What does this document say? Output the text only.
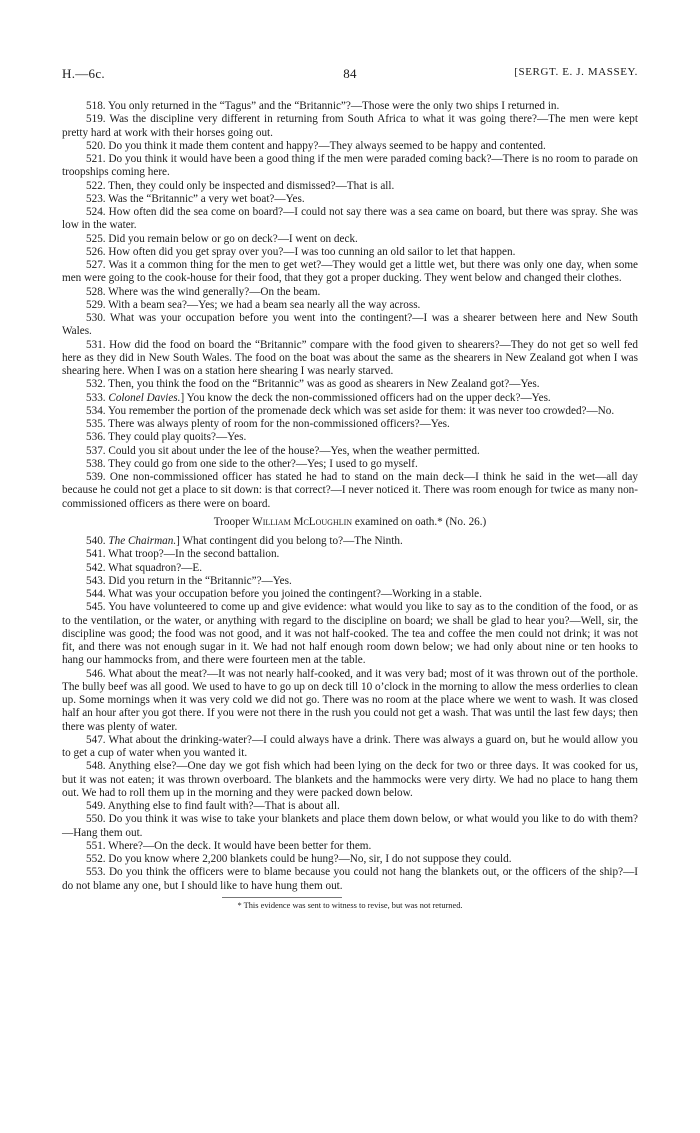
H.—6c.	84	[SERGT. E. J. MASSEY.

518. You only returned in the “Tagus” and the “Britannic”?—Those were the only two ships I returned in.

519. Was the discipline very different in returning from South Africa to what it was going there?—The men were kept pretty hard at work with their horses going out.

520. Do you think it made them content and happy?—They always seemed to be happy and contented.

521. Do you think it would have been a good thing if the men were paraded coming back?—There is no room to parade on troopships coming here.

522. Then, they could only be inspected and dismissed?—That is all.

523. Was the “Britannic” a very wet boat?—Yes.

524. How often did the sea come on board?—I could not say there was a sea came on board, but there was spray. She was low in the water.

525. Did you remain below or go on deck?—I went on deck.

526. How often did you get spray over you?—I was too cunning an old sailor to let that happen.

527. Was it a common thing for the men to get wet?—They would get a little wet, but there was only one day, when some men were going to the cook-house for their food, that they got a proper ducking. They went below and changed their clothes.

528. Where was the wind generally?—On the beam.

529. With a beam sea?—Yes; we had a beam sea nearly all the way across.

530. What was your occupation before you went into the contingent?—I was a shearer between here and New South Wales.

531. How did the food on board the “Britannic” compare with the food given to shearers?—They do not get so well fed here as they did in New South Wales. The food on the boat was about the same as the shearers in New Zealand got when I was shearing here. When I was on a station here shearing I was nearly starved.

532. Then, you think the food on the “Britannic” was as good as shearers in New Zealand got?—Yes.

533. Colonel Davies.] You know the deck the non-commissioned officers had on the upper deck?—Yes.

534. You remember the portion of the promenade deck which was set aside for them: it was never too crowded?—No.

535. There was always plenty of room for the non-commissioned officers?—Yes.

536. They could play quoits?—Yes.

537. Could you sit about under the lee of the house?—Yes, when the weather permitted.

538. They could go from one side to the other?—Yes; I used to go myself.

539. One non-commissioned officer has stated he had to stand on the main deck—I think he said in the wet—all day because he could not get a place to sit down: is that correct?—I never noticed it. There was room enough for twice as many non-commissioned officers as there were on board.

Trooper William McLoughlin examined on oath.* (No. 26.)

540. The Chairman.] What contingent did you belong to?—The Ninth.

541. What troop?—In the second battalion.

542. What squadron?—E.

543. Did you return in the “Britannic”?—Yes.

544. What was your occupation before you joined the contingent?—Working in a stable.

545. You have volunteered to come up and give evidence: what would you like to say as to the condition of the food, or as to the ventilation, or the water, or anything with regard to the discipline on board; we shall be glad to hear you?—Well, sir, the discipline was good; the food was not good, and it was not half-cooked. The tea and coffee the men could not drink; it was not fit, and there was not enough sugar in it. We had not half enough room down below; we had only about nine or ten hooks to hang our hammocks from, and there were fourteen men at the table.

546. What about the meat?—It was not nearly half-cooked, and it was very bad; most of it was thrown out of the porthole. The bully beef was all good. We used to have to go up on deck till 10 o’clock in the morning to allow the mess orderlies to clean up. Some mornings when it was very cold we did not go. There was no room at the place where we went to wash. It was closed half an hour after you got there. If you were not there in the rush you could not get a wash. That was until the last few days; then there was plenty of water.

547. What about the drinking-water?—I could always have a drink. There was always a guard on, but he would allow you to get a cup of water when you wanted it.

548. Anything else?—One day we got fish which had been lying on the deck for two or three days. It was cooked for us, but it was not eaten; it was thrown overboard. The blankets and the hammocks were very dirty. We had no place to hang them out. We had to roll them up in the morning and they were packed down below.

549. Anything else to find fault with?—That is about all.

550. Do you think it was wise to take your blankets and place them down below, or what would you like to do with them?—Hang them out.

551. Where?—On the deck. It would have been better for them.

552. Do you know where 2,200 blankets could be hung?—No, sir, I do not suppose they could.

553. Do you think the officers were to blame because you could not hang the blankets out, or the officers of the ship?—I do not blame any one, but I should like to have hung them out.

* This evidence was sent to witness to revise, but was not returned.
